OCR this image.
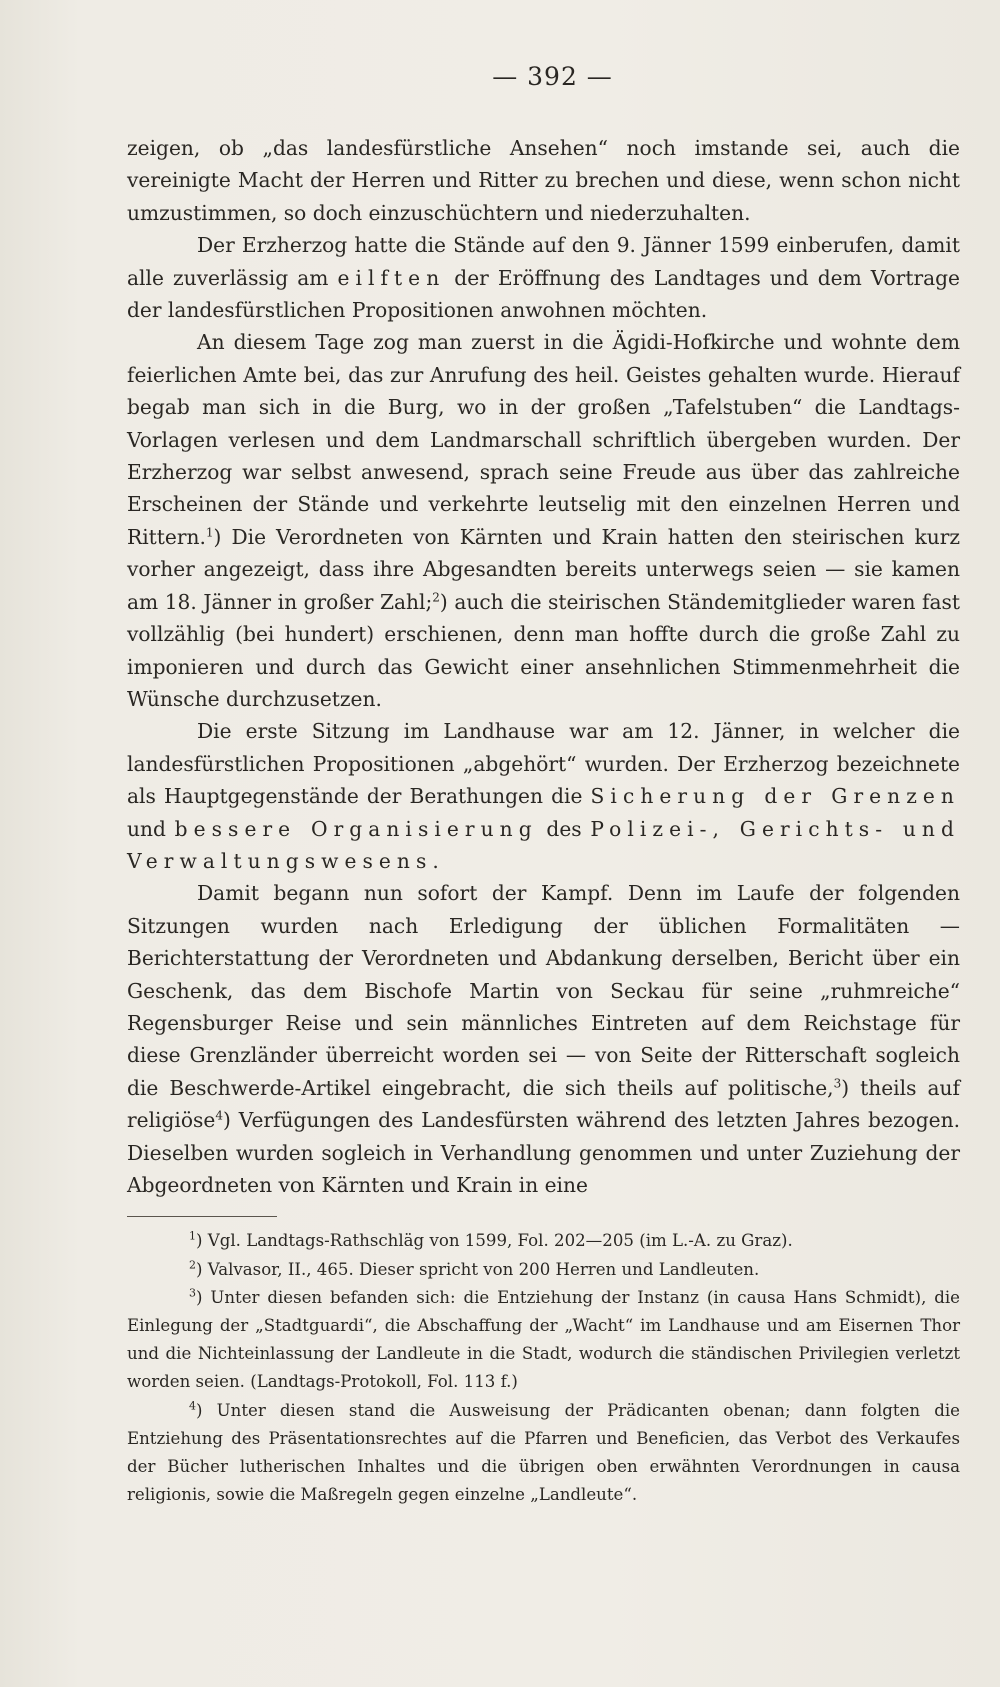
— 392 —

zeigen, ob „das landesfürstliche Ansehen“ noch imstande sei, auch die vereinigte Macht der Herren und Ritter zu brechen und diese, wenn schon nicht umzustimmen, so doch einzuschüchtern und niederzuhalten.

Der Erzherzog hatte die Stände auf den 9. Jänner 1599 einberufen, damit alle zuverlässig am eilften der Eröffnung des Landtages und dem Vortrage der landesfürstlichen Propositionen anwohnen möchten.

An diesem Tage zog man zuerst in die Ägidi-Hofkirche und wohnte dem feierlichen Amte bei, das zur Anrufung des heil. Geistes gehalten wurde. Hierauf begab man sich in die Burg, wo in der großen „Tafelstuben“ die Landtags-Vorlagen verlesen und dem Landmarschall schriftlich übergeben wurden. Der Erzherzog war selbst anwesend, sprach seine Freude aus über das zahlreiche Erscheinen der Stände und verkehrte leutselig mit den einzelnen Herren und Rittern.$^1$) Die Verordneten von Kärnten und Krain hatten den steirischen kurz vorher angezeigt, dass ihre Abgesandten bereits unterwegs seien — sie kamen am 18. Jänner in großer Zahl;$^2$) auch die steirischen Ständemitglieder waren fast vollzählig (bei hundert) erschienen, denn man hoffte durch die große Zahl zu imponieren und durch das Gewicht einer ansehnlichen Stimmenmehrheit die Wünsche durchzusetzen.

Die erste Sitzung im Landhause war am 12. Jänner, in welcher die landesfürstlichen Propositionen „abgehört“ wurden. Der Erzherzog bezeichnete als Hauptgegenstände der Berathungen die Sicherung der Grenzen und bessere Organisierung des Polizei-, Gerichts- und Verwaltungswesens.

Damit begann nun sofort der Kampf. Denn im Laufe der folgenden Sitzungen wurden nach Erledigung der üblichen Formalitäten — Berichterstattung der Verordneten und Abdankung derselben, Bericht über ein Geschenk, das dem Bischofe Martin von Seckau für seine „ruhmreiche“ Regensburger Reise und sein männliches Eintreten auf dem Reichstage für diese Grenzländer überreicht worden sei — von Seite der Ritterschaft sogleich die Beschwerde-Artikel eingebracht, die sich theils auf politische,$^3$) theils auf religiöse$^4$) Verfügungen des Landesfürsten während des letzten Jahres bezogen. Dieselben wurden sogleich in Verhandlung genommen und unter Zuziehung der Abgeordneten von Kärnten und Krain in eine

$^1$) Vgl. Landtags-Rathschläg von 1599, Fol. 202—205 (im L.-A. zu Graz).

$^2$) Valvasor, II., 465. Dieser spricht von 200 Herren und Landleuten.

$^3$) Unter diesen befanden sich: die Entziehung der Instanz (in causa Hans Schmidt), die Einlegung der „Stadtguardi“, die Abschaffung der „Wacht“ im Landhause und am Eisernen Thor und die Nichteinlassung der Landleute in die Stadt, wodurch die ständischen Privilegien verletzt worden seien. (Landtags-Protokoll, Fol. 113 f.)

$^4$) Unter diesen stand die Ausweisung der Prädicanten obenan; dann folgten die Entziehung des Präsentationsrechtes auf die Pfarren und Beneficien, das Verbot des Verkaufes der Bücher lutherischen Inhaltes und die übrigen oben erwähnten Verordnungen in causa religionis, sowie die Maßregeln gegen einzelne „Landleute“.
